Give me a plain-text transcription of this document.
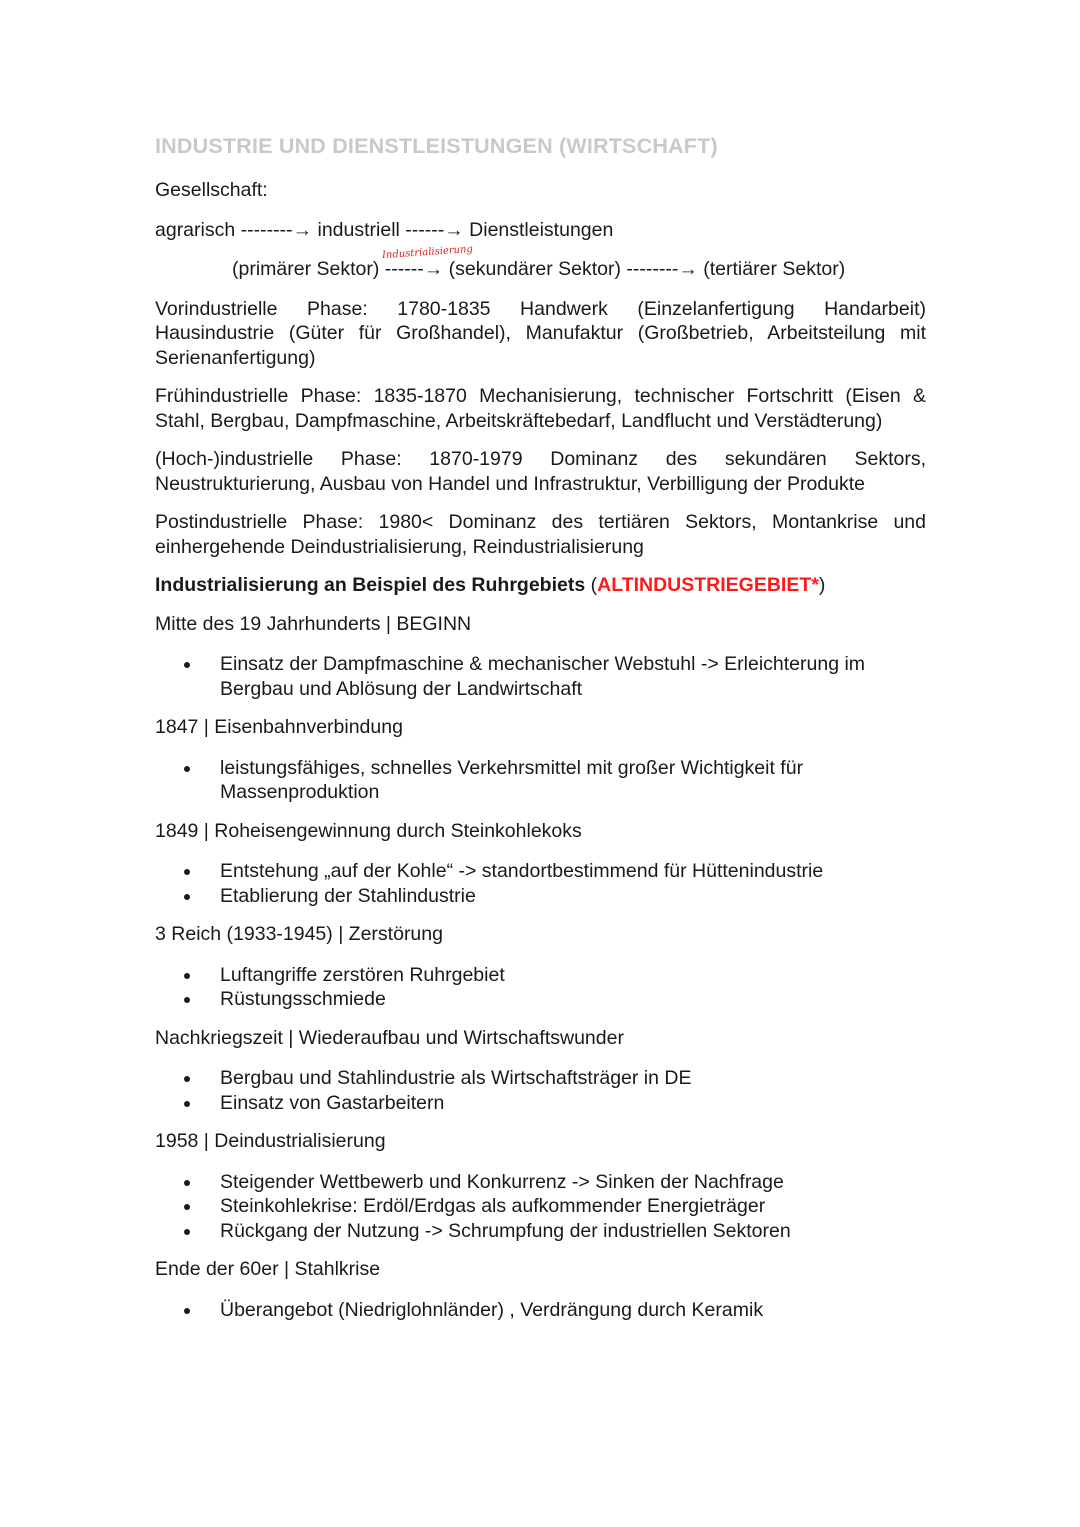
INDUSTRIE UND DIENSTLEISTUNGEN (WIRTSCHAFT)

Gesellschaft:

agrarisch --------→ industriell ------→ Dienstleistungen
Industrialisierung
(primärer Sektor) ------→ (sekundärer Sektor) --------→ (tertiärer Sektor)

Vorindustrielle Phase: 1780-1835 Handwerk (Einzelanfertigung Handarbeit) Hausindustrie (Güter für Großhandel), Manufaktur (Großbetrieb, Arbeitsteilung mit Serienanfertigung)

Frühindustrielle Phase: 1835-1870 Mechanisierung, technischer Fortschritt (Eisen & Stahl, Bergbau, Dampfmaschine, Arbeitskräftebedarf, Landflucht und Verstädterung)

(Hoch-)industrielle Phase: 1870-1979 Dominanz des sekundären Sektors, Neustrukturierung, Ausbau von Handel und Infrastruktur, Verbilligung der Produkte

Postindustrielle Phase: 1980< Dominanz des tertiären Sektors, Montankrise und einhergehende Deindustrialisierung, Reindustrialisierung

Industrialisierung an Beispiel des Ruhrgebiets (ALTINDUSTRIEGEBIET*)

Mitte des 19 Jahrhunderts | BEGINN
Einsatz der Dampfmaschine & mechanischer Webstuhl -> Erleichterung im Bergbau und Ablösung der Landwirtschaft
1847 | Eisenbahnverbindung
leistungsfähiges, schnelles Verkehrsmittel mit großer Wichtigkeit für Massenproduktion
1849 | Roheisengewinnung durch Steinkohlekoks
Entstehung „auf der Kohle“ -> standortbestimmend für Hüttenindustrie
Etablierung der Stahlindustrie
3 Reich (1933-1945) | Zerstörung
Luftangriffe zerstören Ruhrgebiet
Rüstungsschmiede
Nachkriegszeit | Wiederaufbau und Wirtschaftswunder
Bergbau und Stahlindustrie als Wirtschaftsträger in DE
Einsatz von Gastarbeitern
1958 | Deindustrialisierung
Steigender Wettbewerb und Konkurrenz -> Sinken der Nachfrage
Steinkohlekrise: Erdöl/Erdgas als aufkommender Energieträger
Rückgang der Nutzung -> Schrumpfung der industriellen Sektoren
Ende der 60er | Stahlkrise
Überangebot (Niedriglohnländer) , Verdrängung durch Keramik
